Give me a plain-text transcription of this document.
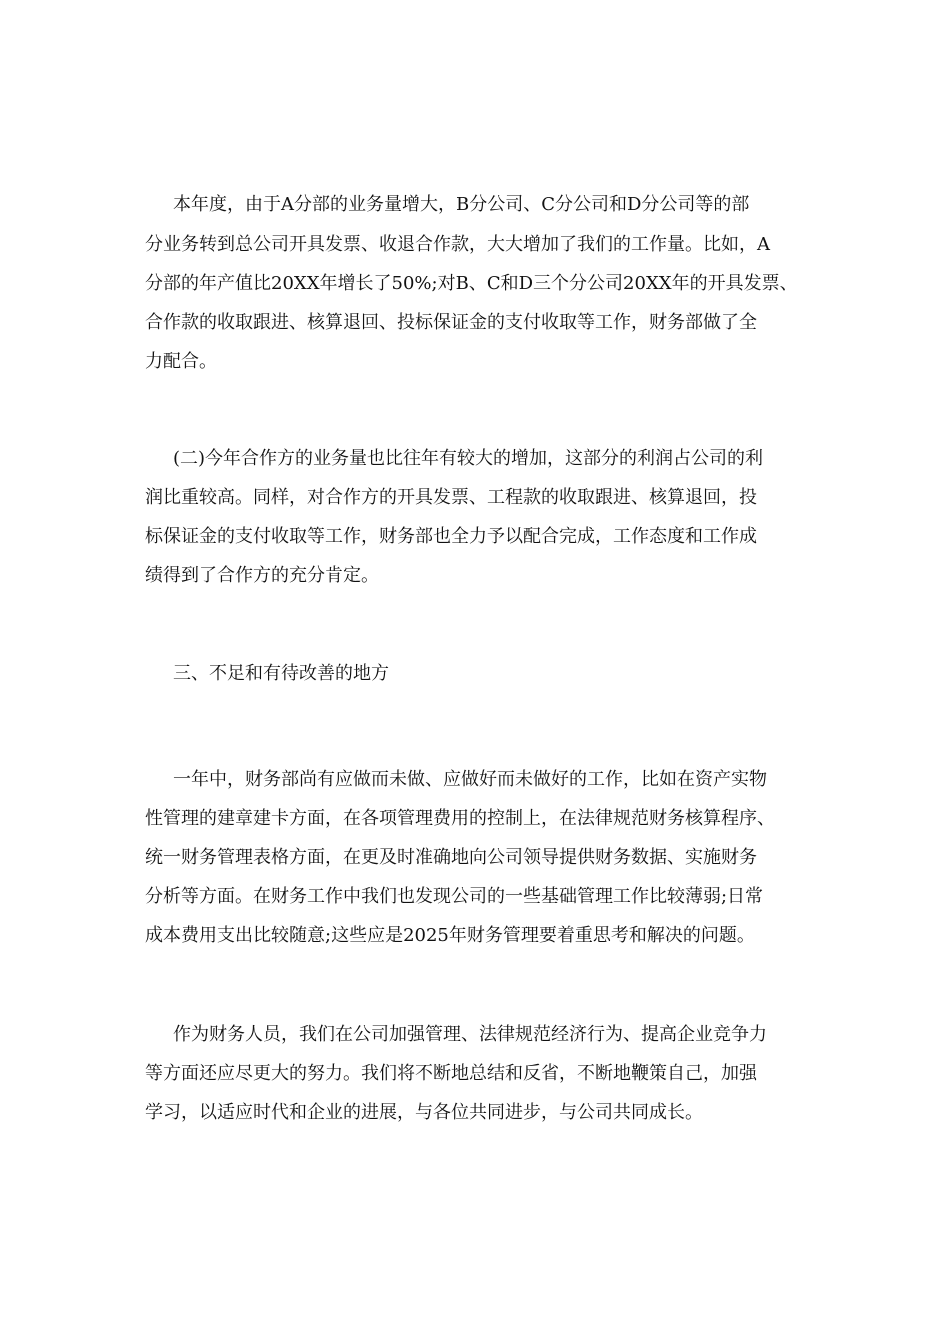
本年度，由于A分部的业务量增大，B分公司、C分公司和D分公司等的部

分业务转到总公司开具发票、收退合作款，大大增加了我们的工作量。比如，A

分部的年产值比20XX年增长了50%;对B、C和D三个分公司20XX年的开具发票、

合作款的收取跟进、核算退回、投标保证金的支付收取等工作，财务部做了全

力配合。

(二)今年合作方的业务量也比往年有较大的增加，这部分的利润占公司的利

润比重较高。同样，对合作方的开具发票、工程款的收取跟进、核算退回，投

标保证金的支付收取等工作，财务部也全力予以配合完成，工作态度和工作成

绩得到了合作方的充分肯定。

三、不足和有待改善的地方

一年中，财务部尚有应做而未做、应做好而未做好的工作，比如在资产实物

性管理的建章建卡方面，在各项管理费用的控制上，在法律规范财务核算程序、

统一财务管理表格方面，在更及时准确地向公司领导提供财务数据、实施财务

分析等方面。在财务工作中我们也发现公司的一些基础管理工作比较薄弱;日常

成本费用支出比较随意;这些应是2025年财务管理要着重思考和解决的问题。

作为财务人员，我们在公司加强管理、法律规范经济行为、提高企业竞争力

等方面还应尽更大的努力。我们将不断地总结和反省，不断地鞭策自己，加强

学习，以适应时代和企业的进展，与各位共同进步，与公司共同成长。
